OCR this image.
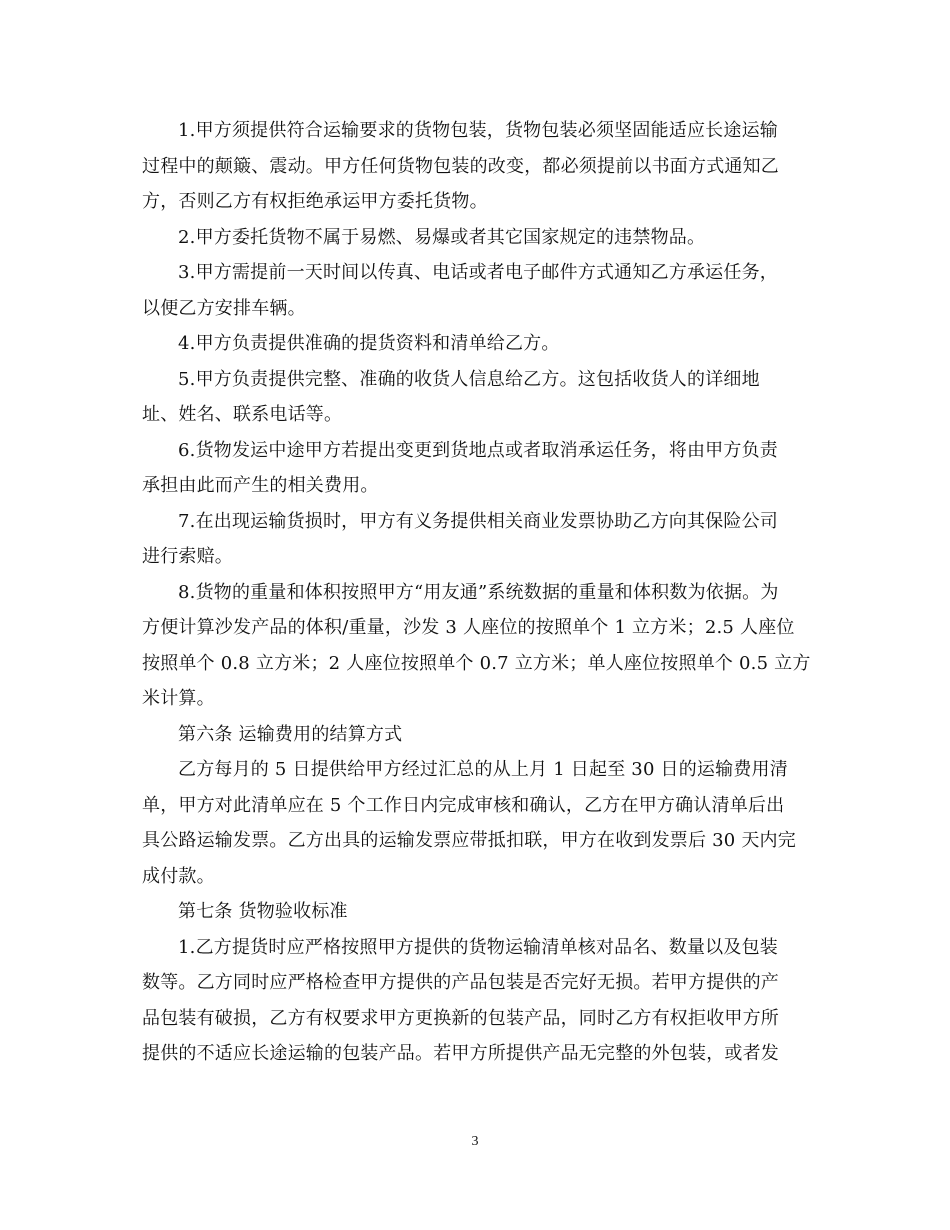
1.甲方须提供符合运输要求的货物包装，货物包装必须坚固能适应长途运输
过程中的颠簸、震动。甲方任何货物包装的改变，都必须提前以书面方式通知乙
方，否则乙方有权拒绝承运甲方委托货物。

2.甲方委托货物不属于易燃、易爆或者其它国家规定的违禁物品。

3.甲方需提前一天时间以传真、电话或者电子邮件方式通知乙方承运任务，
以便乙方安排车辆。

4.甲方负责提供准确的提货资料和清单给乙方。

5.甲方负责提供完整、准确的收货人信息给乙方。这包括收货人的详细地
址、姓名、联系电话等。

6.货物发运中途甲方若提出变更到货地点或者取消承运任务，将由甲方负责
承担由此而产生的相关费用。

7.在出现运输货损时，甲方有义务提供相关商业发票协助乙方向其保险公司
进行索赔。

8.货物的重量和体积按照甲方“用友通”系统数据的重量和体积数为依据。为
方便计算沙发产品的体积/重量，沙发 3 人座位的按照单个 1 立方米；2.5 人座位
按照单个 0.8 立方米；2 人座位按照单个 0.7 立方米；单人座位按照单个 0.5 立方
米计算。

第六条 运输费用的结算方式

乙方每月的 5 日提供给甲方经过汇总的从上月 1 日起至 30 日的运输费用清
单，甲方对此清单应在 5 个工作日内完成审核和确认，乙方在甲方确认清单后出
具公路运输发票。乙方出具的运输发票应带抵扣联，甲方在收到发票后 30 天内完
成付款。

第七条 货物验收标准

1.乙方提货时应严格按照甲方提供的货物运输清单核对品名、数量以及包装
数等。乙方同时应严格检查甲方提供的产品包装是否完好无损。若甲方提供的产
品包装有破损，乙方有权要求甲方更换新的包装产品，同时乙方有权拒收甲方所
提供的不适应长途运输的包装产品。若甲方所提供产品无完整的外包装，或者发

3
